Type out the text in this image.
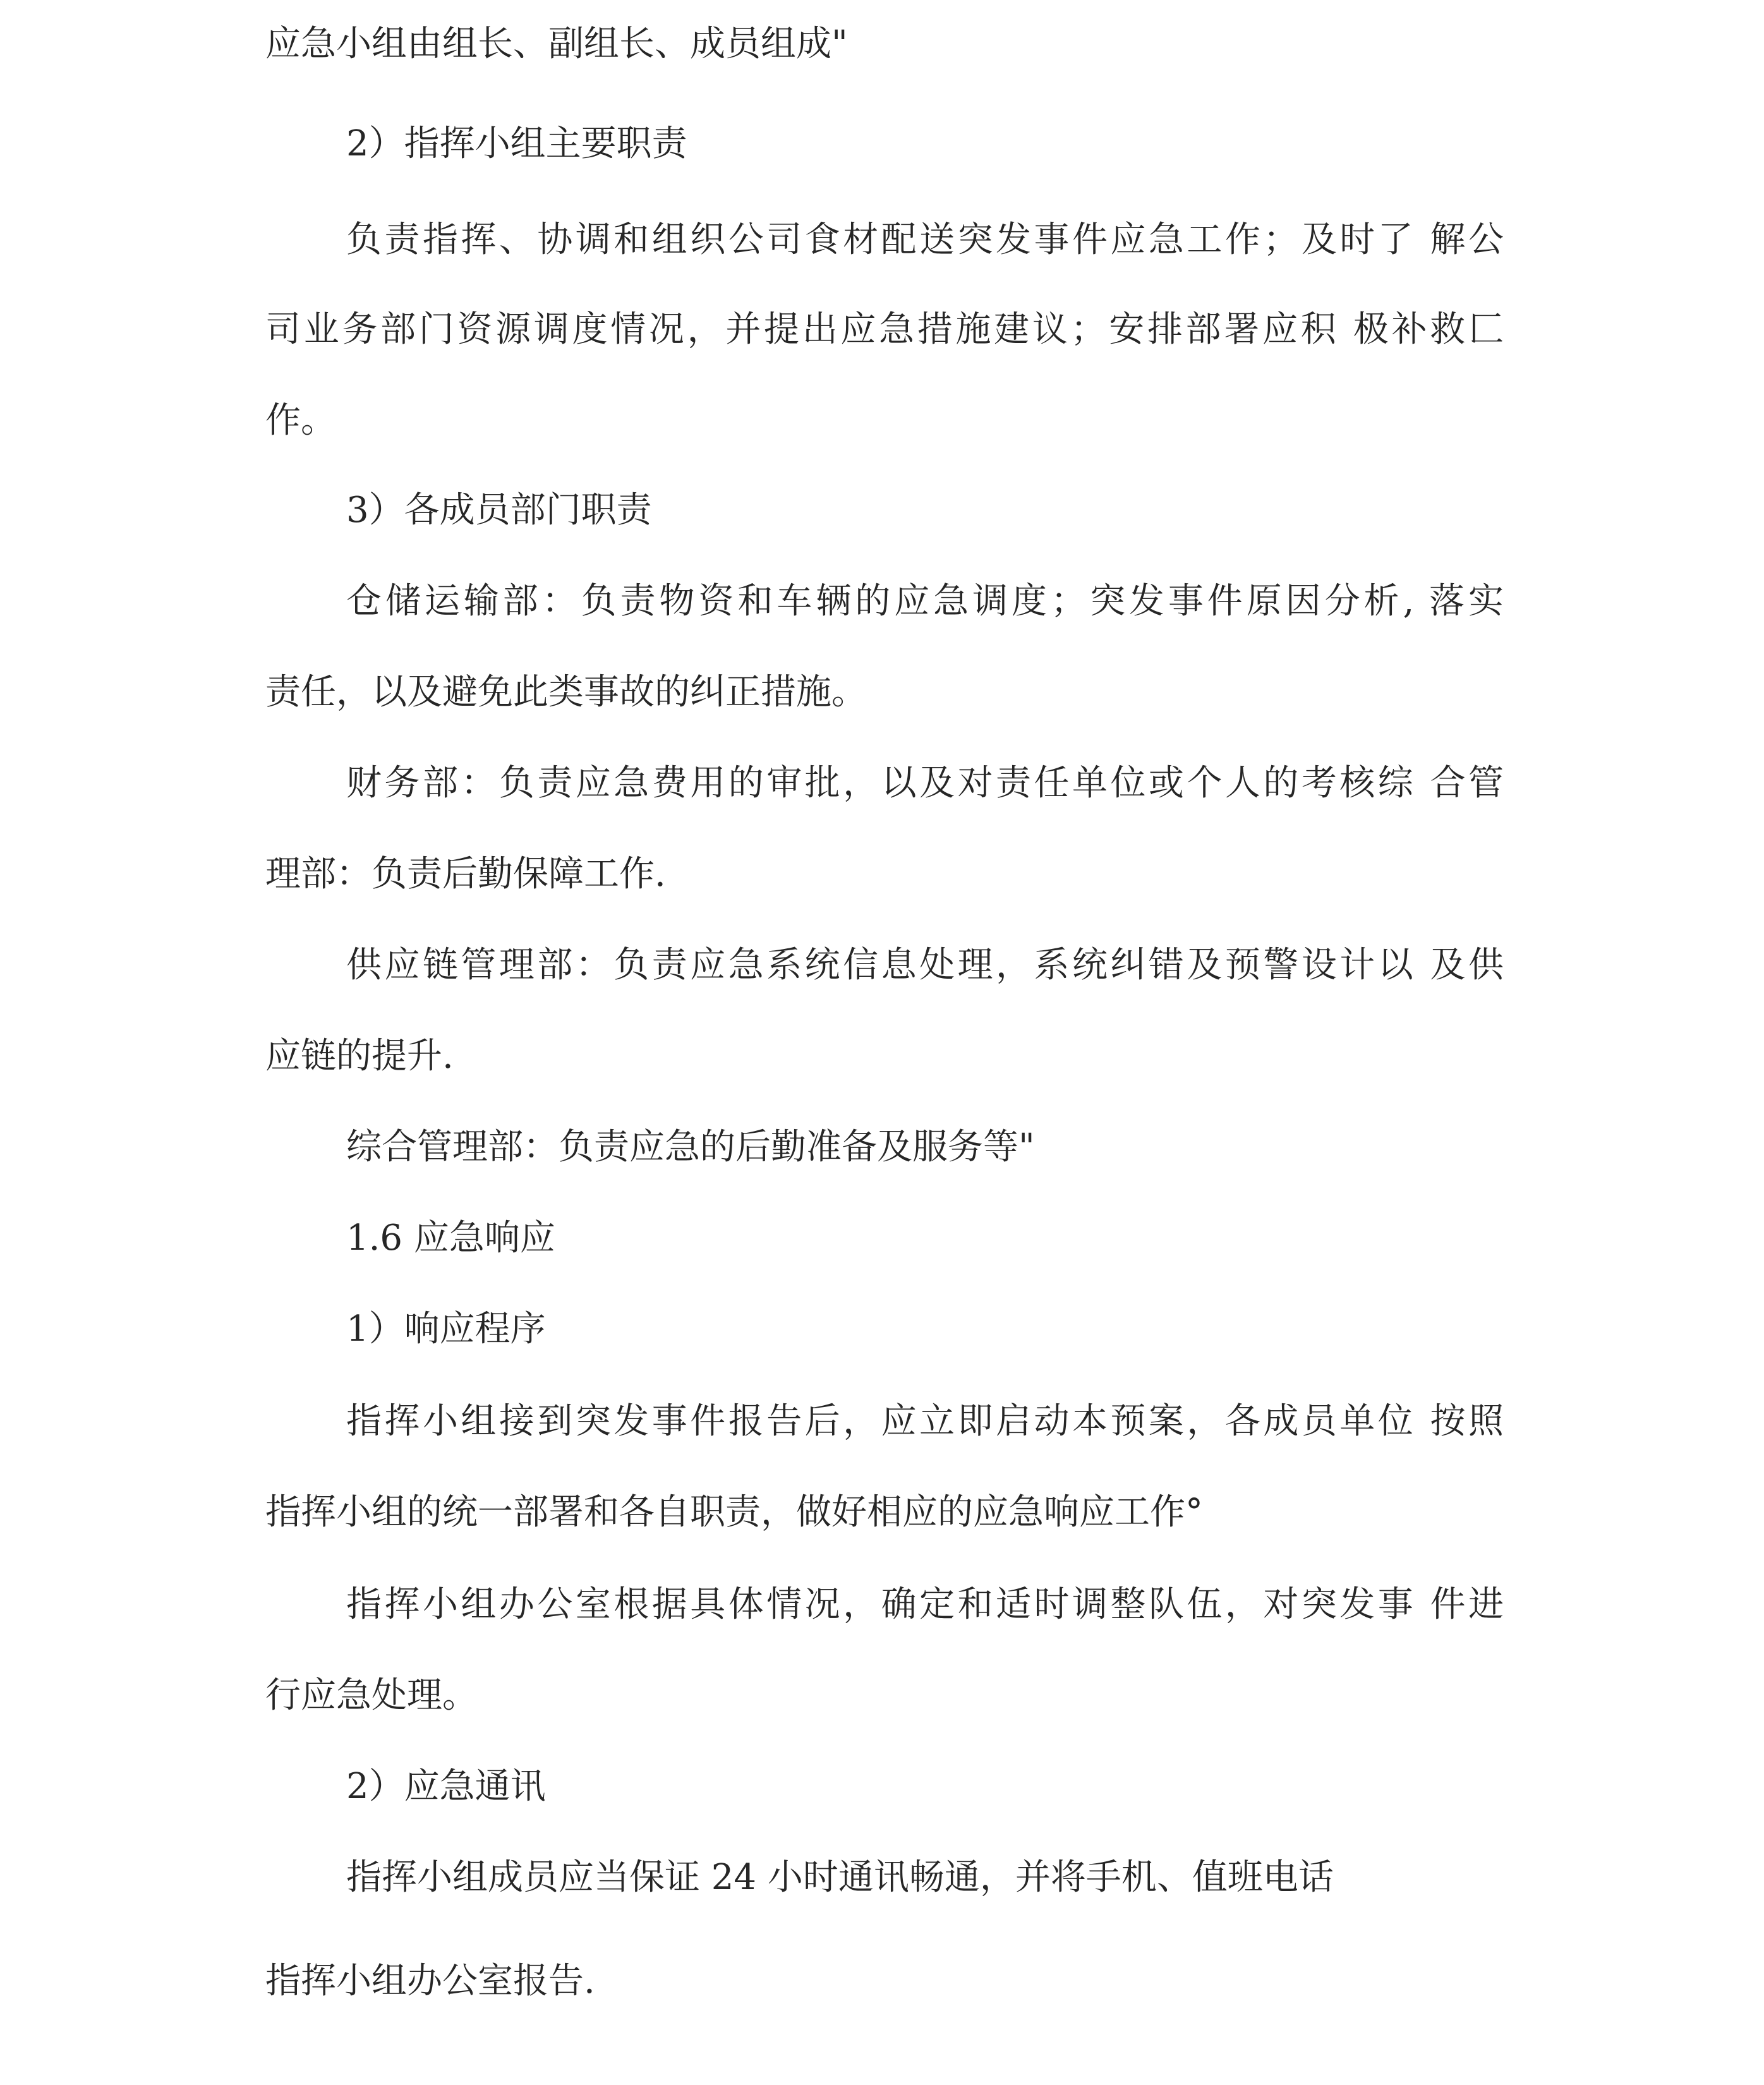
应急小组由组长、副组长、成员组成"

2）指挥小组主要职责

负责指挥、协调和组织公司食材配送突发事件应急工作；及时了 解公

司业务部门资源调度情况，并提出应急措施建议；安排部署应积 极补救匚

作。

3）各成员部门职责

仓储运输部：负责物资和车辆的应急调度；突发事件原因分析, 落实

责任，以及避免此类事故的纠正措施。

财务部：负责应急费用的审批，以及对责任单位或个人的考核综 合管

理部：负责后勤保障工作.

供应链管理部：负责应急系统信息处理，系统纠错及预警设计以 及供

应链的提升.

综合管理部：负责应急的后勤准备及服务等"

1.6 应急响应

1）响应程序

指挥小组接到突发事件报告后，应立即启动本预案，各成员单位 按照

指挥小组的统一部署和各自职责，做好相应的应急响应工作°

指挥小组办公室根据具体情况，确定和适时调整队伍，对突发事 件进

行应急处理。

2）应急通讯

指挥小组成员应当保证 24 小时通讯畅通，并将手机、值班电话

指挥小组办公室报告.
